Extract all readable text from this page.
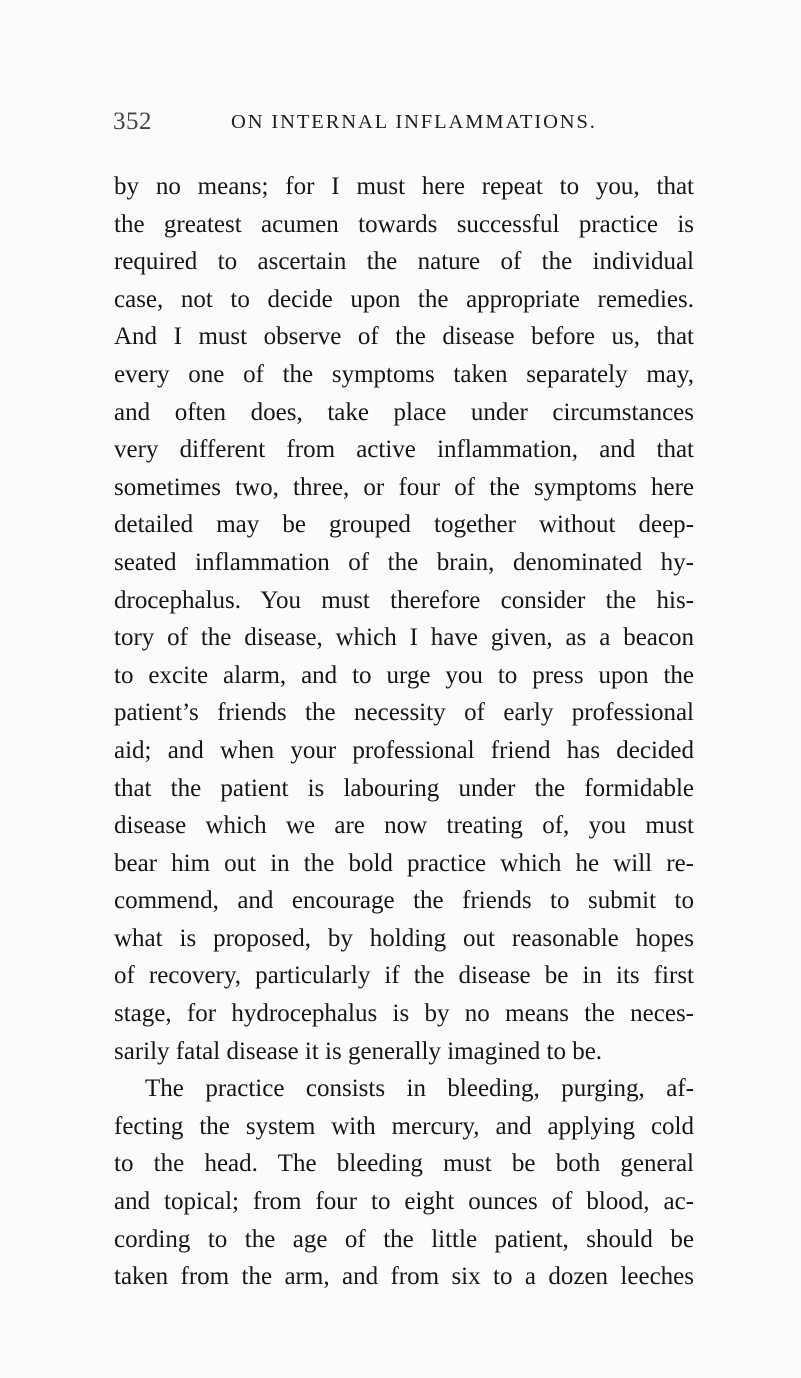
352	ON INTERNAL INFLAMMATIONS.
by no means; for I must here repeat to you, that
the greatest acumen towards successful practice is
required to ascertain the nature of the individual
case, not to decide upon the appropriate remedies.
And I must observe of the disease before us, that
every one of the symptoms taken separately may,
and often does, take place under circumstances
very different from active inflammation, and that
sometimes two, three, or four of the symptoms here
detailed may be grouped together without deep-
seated inflammation of the brain, denominated hy-
drocephalus. You must therefore consider the his-
tory of the disease, which I have given, as a beacon
to excite alarm, and to urge you to press upon the
patient’s friends the necessity of early professional
aid; and when your professional friend has decided
that the patient is labouring under the formidable
disease which we are now treating of, you must
bear him out in the bold practice which he will re-
commend, and encourage the friends to submit to
what is proposed, by holding out reasonable hopes
of recovery, particularly if the disease be in its first
stage, for hydrocephalus is by no means the neces-
sarily fatal disease it is generally imagined to be.
The practice consists in bleeding, purging, af-
fecting the system with mercury, and applying cold
to the head. The bleeding must be both general
and topical; from four to eight ounces of blood, ac-
cording to the age of the little patient, should be
taken from the arm, and from six to a dozen leeches
